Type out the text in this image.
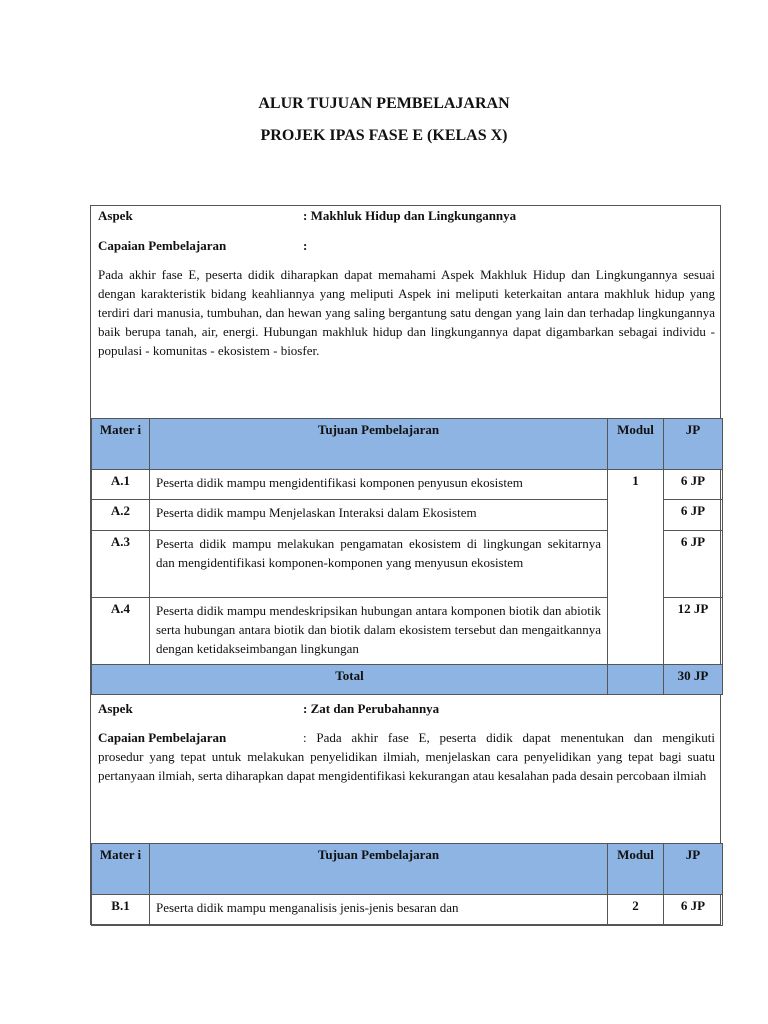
ALUR TUJUAN PEMBELAJARAN
PROJEK IPAS FASE E (KELAS X)
Aspek	: Makhluk Hidup dan Lingkungannya
Capaian Pembelajaran	:
Pada akhir fase E, peserta didik diharapkan dapat memahami Aspek Makhluk Hidup dan Lingkungannya sesuai dengan karakteristik bidang keahliannya yang meliputi Aspek ini meliputi keterkaitan antara makhluk hidup yang terdiri dari manusia, tumbuhan, dan hewan yang saling bergantung satu dengan yang lain dan terhadap lingkungannya baik berupa tanah, air, energi. Hubungan makhluk hidup dan lingkungannya dapat digambarkan sebagai individu - populasi - komunitas - ekosistem - biosfer.
Mater i	Tujuan Pembelajaran	Modul	JP
A.1	Peserta didik mampu mengidentifikasi komponen penyusun ekosistem	1	6 JP
A.2	Peserta didik mampu Menjelaskan Interaksi dalam Ekosistem		6 JP
A.3	Peserta didik mampu melakukan pengamatan ekosistem di lingkungan sekitarnya dan mengidentifikasi komponen-komponen yang menyusun ekosistem		6 JP
A.4	Peserta didik mampu mendeskripsikan hubungan antara komponen biotik dan abiotik serta hubungan antara biotik dan biotik dalam ekosistem tersebut dan mengaitkannya dengan ketidakseimbangan lingkungan		12 JP
Total			30 JP
Aspek	: Zat dan Perubahannya
Capaian Pembelajaran	: Pada akhir fase E, peserta didik dapat menentukan dan mengikuti
prosedur yang tepat untuk melakukan penyelidikan ilmiah, menjelaskan cara penyelidikan yang tepat bagi suatu pertanyaan ilmiah, serta diharapkan dapat mengidentifikasi kekurangan atau kesalahan pada desain percobaan ilmiah
Mater i	Tujuan Pembelajaran	Modul	JP
B.1	Peserta didik mampu menganalisis jenis-jenis besaran dan	2	6 JP
